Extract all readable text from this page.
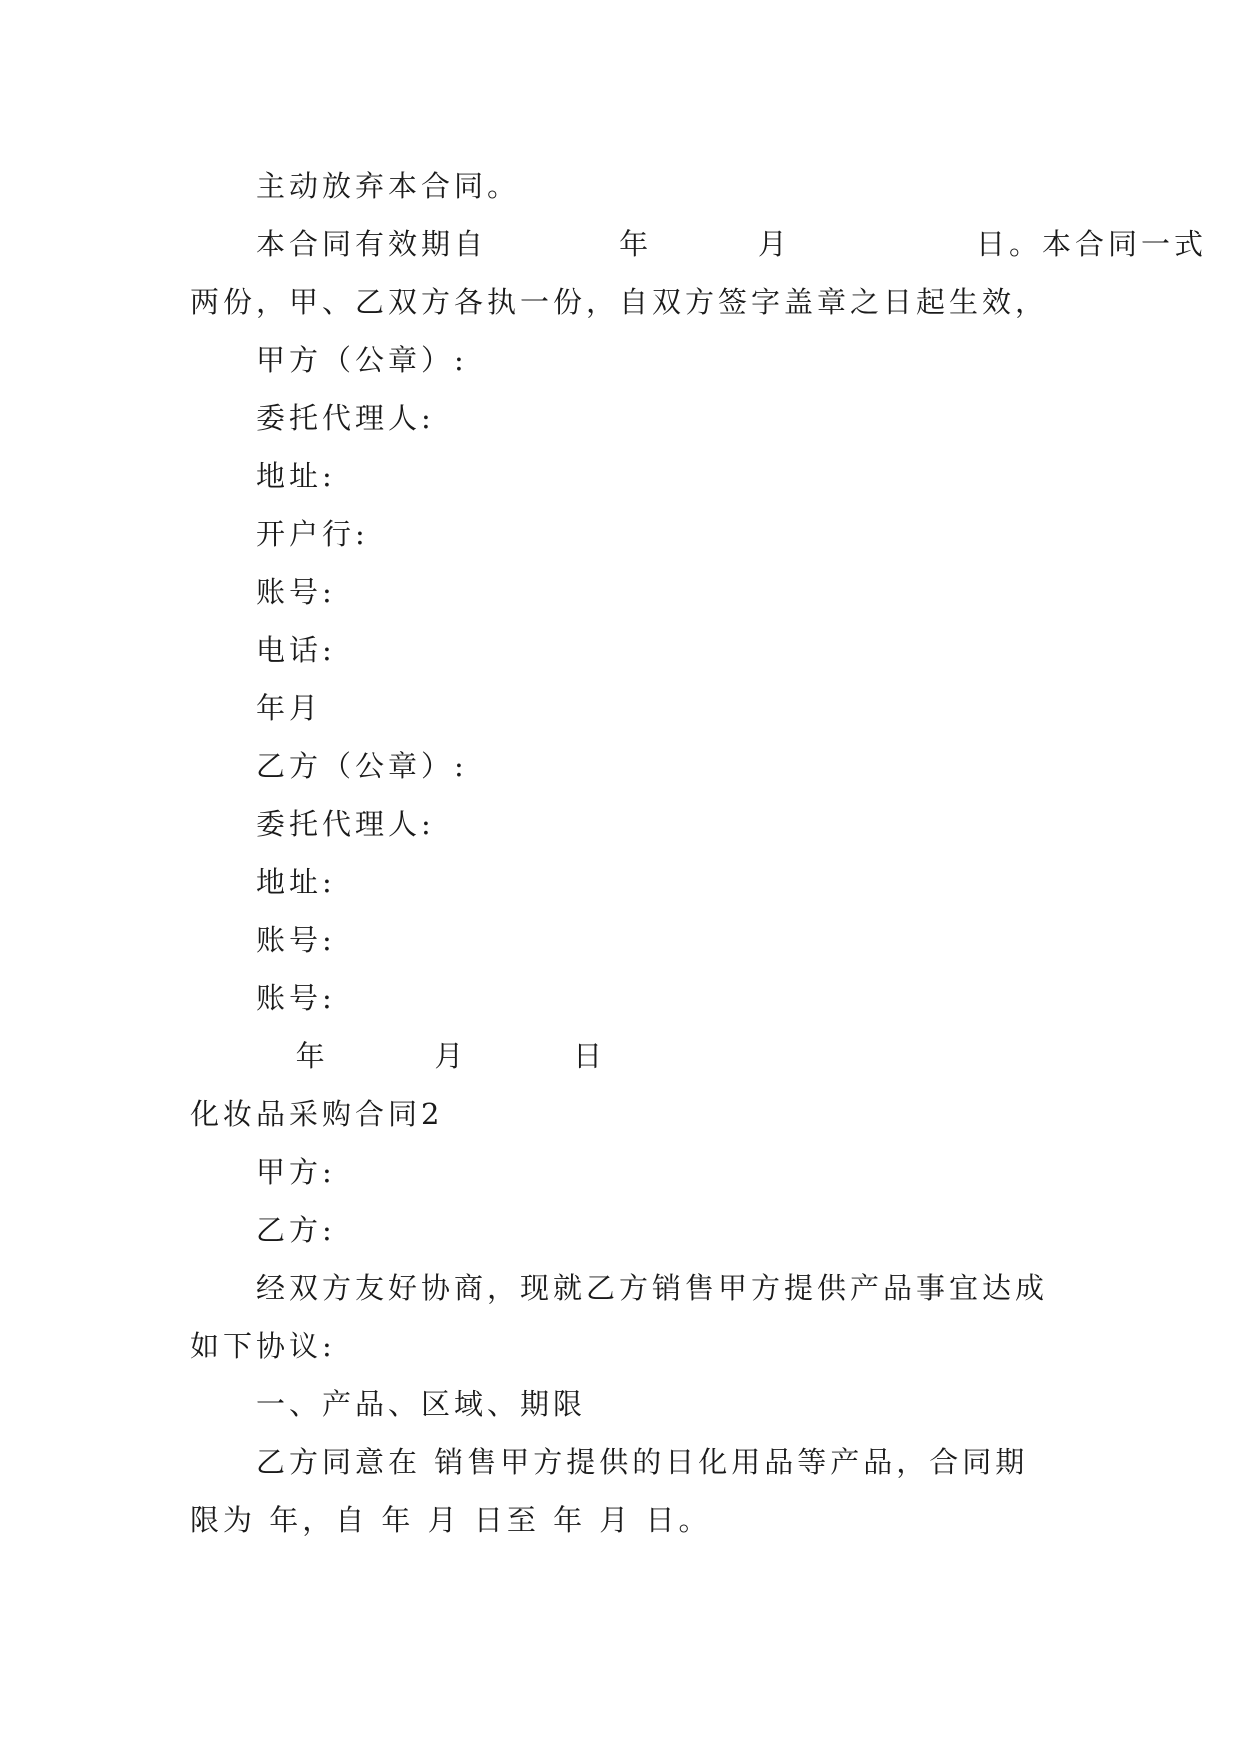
主动放弃本合同。
本合同有效期自          年        月              日。本合同一式
两份，甲、乙双方各执一份，自双方签字盖章之日起生效，
甲方（公章）:
委托代理人:
地址:
开户行:
账号:
电话:
年月
乙方（公章）:
委托代理人:
地址:
账号:
账号:
年        月        日
化妆品采购合同2
甲方:
乙方:
经双方友好协商，现就乙方销售甲方提供产品事宜达成
如下协议:
一、产品、区域、期限
乙方同意在 销售甲方提供的日化用品等产品，合同期
限为 年，自 年 月 日至 年 月 日。
